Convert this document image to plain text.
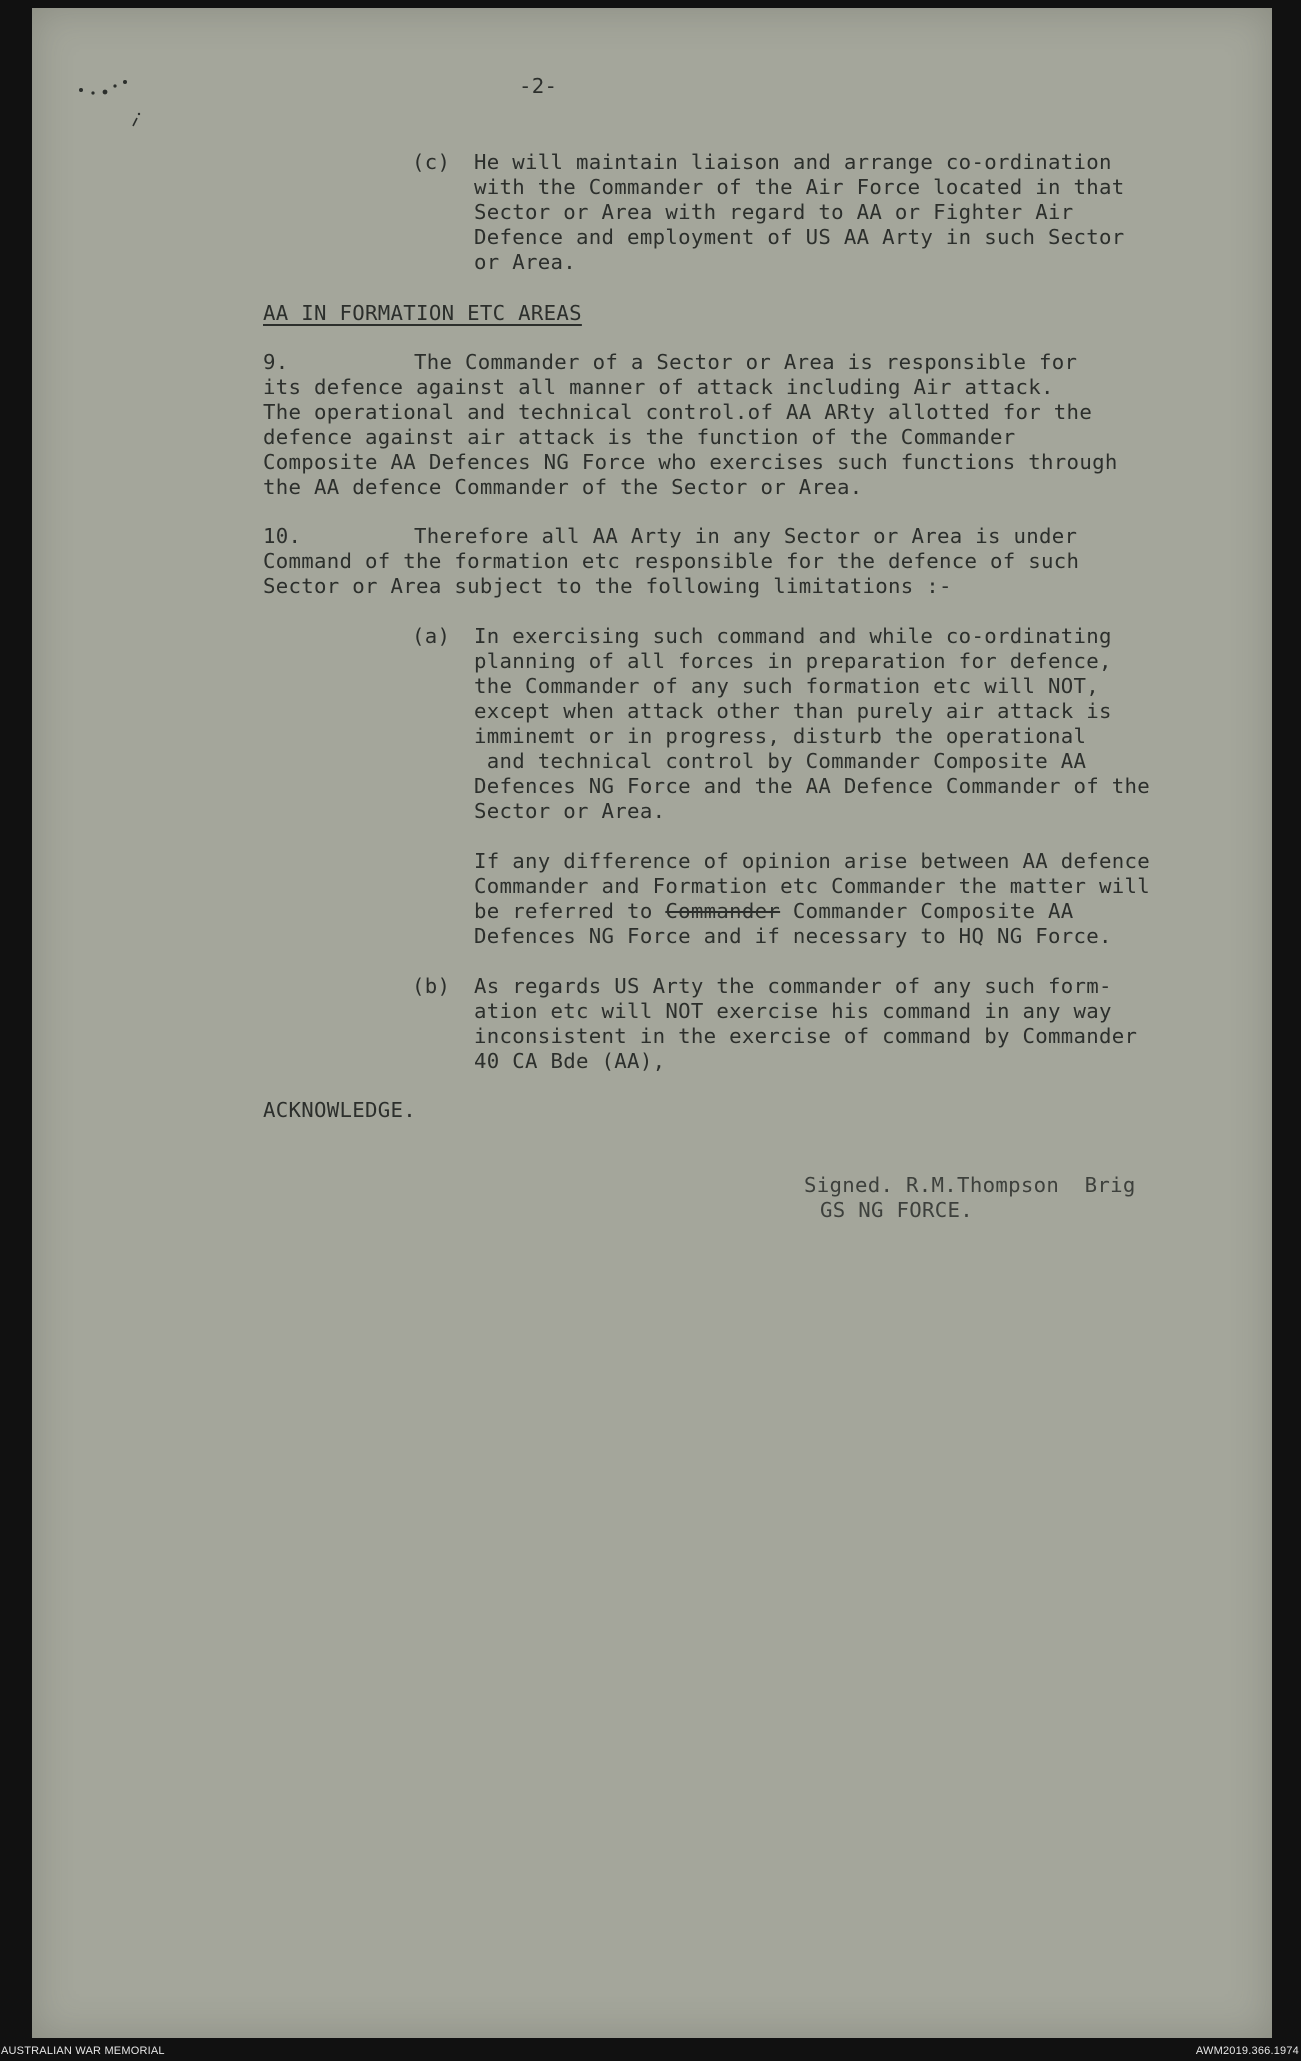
-2-

(c) He will maintain liaison and arrange co-ordination

with the Commander of the Air Force located in that

Sector or Area with regard to AA or Fighter Air

Defence and employment of US AA Arty in such Sector

or Area.

AA IN FORMATION ETC AREAS

9.	The Commander of a Sector or Area is responsible for

its defence against all manner of attack including Air attack.

The operational and technical control.of AA ARty allotted for the

defence against air attack is the function of the Commander

Composite AA Defences NG Force who exercises such functions through

the AA defence Commander of the Sector or Area.

10.	Therefore all AA Arty in any Sector or Area is under

Command of the formation etc responsible for the defence of such

Sector or Area subject to the following limitations :-

(a) In exercising such command and while co-ordinating

planning of all forces in preparation for defence,

the Commander of any such formation etc will NOT,

except when attack other than purely air attack is

imminemt or in progress, disturb the operational

and technical control by Commander Composite AA

Defences NG Force and the AA Defence Commander of the

Sector or Area.

If any difference of opinion arise between AA defence

Commander and Formation etc Commander the matter will

be referred to Commander Commander Composite AA

Defences NG Force and if necessary to HQ NG Force.

(b) As regards US Arty the commander of any such form-

ation etc will NOT exercise his command in any way

inconsistent in the exercise of command by Commander

40 CA Bde (AA),

ACKNOWLEDGE.

Signed. R.M.Thompson  Brig

GS NG FORCE.

AUSTRALIAN WAR MEMORIAL	AWM2019.366.1974
